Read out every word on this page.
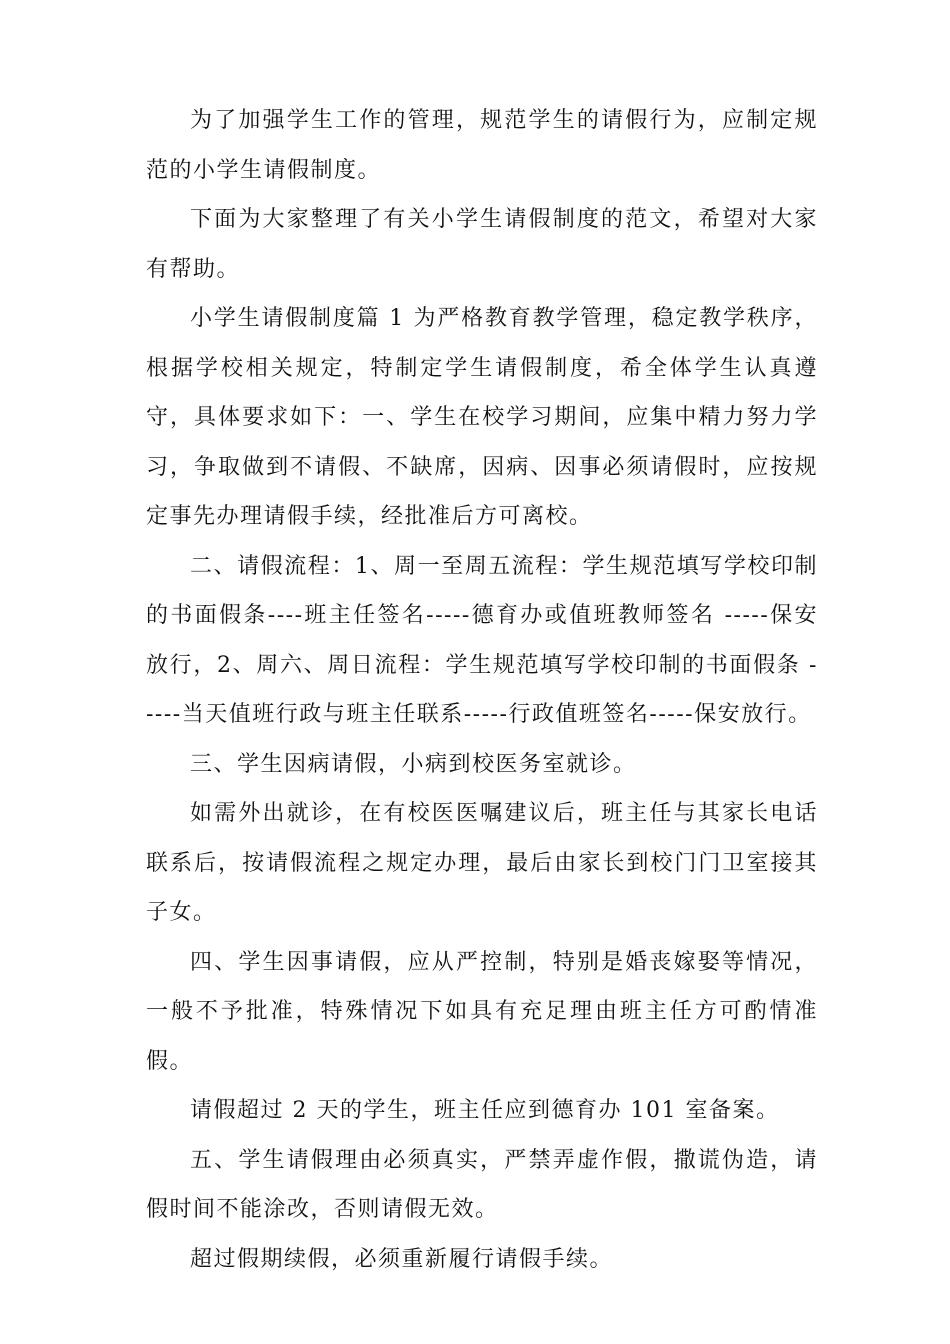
为了加强学生工作的管理，规范学生的请假行为，应制定规范的小学生请假制度。

下面为大家整理了有关小学生请假制度的范文，希望对大家有帮助。

小学生请假制度篇 1 为严格教育教学管理，稳定教学秩序，根据学校相关规定，特制定学生请假制度，希全体学生认真遵守，具体要求如下：一、学生在校学习期间，应集中精力努力学习，争取做到不请假、不缺席，因病、因事必须请假时，应按规定事先办理请假手续，经批准后方可离校。

二、请假流程：1、周一至周五流程：学生规范填写学校印制的书面假条----班主任签名-----德育办或值班教师签名 -----保安放行，2、周六、周日流程：学生规范填写学校印制的书面假条 -----当天值班行政与班主任联系-----行政值班签名-----保安放行。

三、学生因病请假，小病到校医务室就诊。

如需外出就诊，在有校医医嘱建议后，班主任与其家长电话联系后，按请假流程之规定办理，最后由家长到校门门卫室接其子女。

四、学生因事请假，应从严控制，特别是婚丧嫁娶等情况，一般不予批准，特殊情况下如具有充足理由班主任方可酌情准假。

请假超过 2 天的学生，班主任应到德育办 101 室备案。

五、学生请假理由必须真实，严禁弄虚作假，撒谎伪造，请假时间不能涂改，否则请假无效。

超过假期续假，必须重新履行请假手续。
